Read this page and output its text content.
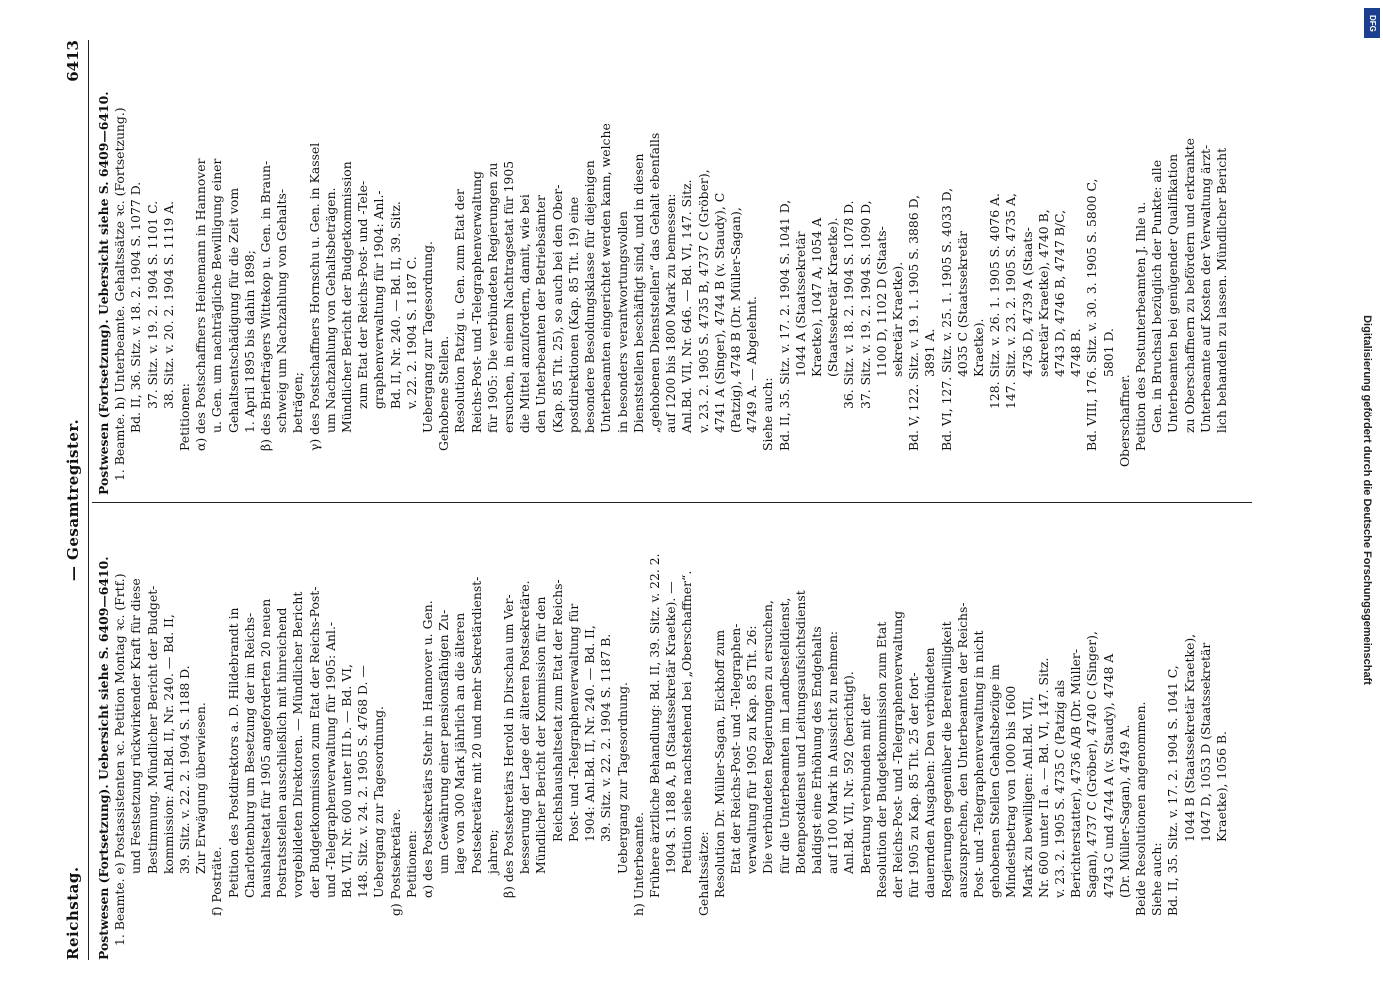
Reichstag.
— Gesamtregister.
6413
Postwesen (Fortsetzung). Uebersicht siehe S. 6409—6410. 1. Beamte. e) Postassistenten ꝛc. Petition Montag ꝛc. (Frtf.) und Festsetzung rückwirkender Kraft für diese Bestimmung. Mündlicher Bericht der Budget- kommission: Anl.Bd. II, Nr. 240. — Bd. II, 39. Sitz. v. 22. 2. 1904 S. 1188 D. Zur Erwägung überwiesen.
f) Posträte. Petition des Postdirektors a. D. Hildebrandt in Charlottenburg um Besetzung der im Reichs- haushaltsetat für 1905 angeforderten 20 neuen Postratsstellen ausschließlich mit hinreichend vorgebildeten Direktoren. — Mündlicher Bericht der Budgetkommission zum Etat der Reichs-Post- und -Telegraphenverwaltung für 1905: Anl.- Bd. VII, Nr. 600 unter III b. — Bd. VI, 148. Sitz. v. 24. 2. 1905 S. 4768 D. — Uebergang zur Tagesordnung. g) Postsekretäre. Petitionen: α) des Postsekretärs Stehr in Hannover u. Gen. um Gewährung einer pensionsfähigen Zu- lage von 300 Mark jährlich an die älteren Postsekretäre mit 20 und mehr Sekretärdienst- jahren; β) des Postsekretärs Herold in Dirschau um Ver- besserung der Lage der älteren Postsekretäre. Mündlicher Bericht der Kommission für den Reichshaushaltsetat zum Etat der Reichs- Post- und -Telegraphenverwaltung für 1904: Anl.Bd. II, Nr. 240. — Bd. II, 39. Sitz. v. 22. 2. 1904 S. 1187 B. Uebergang zur Tagesordnung. h) Unterbeamte. Frühere ärztliche Behandlung: Bd. II, 39. Sitz. v. 22. 2. 1904 S. 1188 A, B (Staatssekretär Kraetke). — Petition siehe nachstehend bei „Oberschaffner“. Gehaltssätze: Resolution Dr. Müller-Sagan, Eickhoff zum Etat der Reichs-Post- und -Telegraphen- verwaltung für 1905 zu Kap. 85 Tit. 26: Die verbündeten Regierungen zu ersuchen, für die Unterbeamten im Landbestelldienst, Botenpostdienst und Leitungsaufsichtsdienst baldigst eine Erhöhung des Endgehalts auf 1100 Mark in Aussicht zu nehmen: Anl.Bd. VII, Nr. 592 (berichtigt). Beratung verbunden mit der Resolution der Budgetkommission zum Etat der Reichs-Post- und -Telegraphenverwaltung für 1905 zu Kap. 85 Tit. 25 der fort- dauernden Ausgaben: Den verbündeten Regierungen gegenüber die Bereitwilligkeit auszusprechen, den Unterbeamten der Reichs- Post- und -Telegraphenverwaltung in nicht gehobenen Stellen Gehaltsbezüge im Mindestbetrag von 1000 bis 1600 Mark zu bewilligen: Anl.Bd. VII, Nr. 600 unter II a. — Bd. VI, 147. Sitz. v. 23. 2. 1905 S. 4735 C (Patzig als Berichterstatter), 4736 A/B (Dr. Müller- Sagan), 4737 C (Gröber), 4740 C (Singer), 4743 C und 4744 A (v. Staudy), 4748 A (Dr. Müller-Sagan), 4749 A. Beide Resolutionen angenommen. Siehe auch: Bd. II, 35. Sitz. v. 17. 2. 1904 S. 1041 C, 1044 B (Staatssekretär Kraetke), 1047 D, 1053 D (Staatssekretär Kraetke), 1056 B.
Postwesen (Fortsetzung). Uebersicht siehe S. 6409—6410. 1. Beamte. h) Unterbeamte. Gehaltssätze ꝛc. (Fortsetzung.) Bd. II, 36. Sitz. v. 18. 2. 1904 S. 1077 D. 37. Sitz. v. 19. 2. 1904 S. 1101 C. 38. Sitz. v. 20. 2. 1904 S. 1119 A.
Petitionen: α) des Postschaffners Heinemann in Hannover u. Gen. um nachträgliche Bewilligung einer Gehaltsentschädigung für die Zeit vom 1. April 1895 bis dahin 1898; β) des Briefträgers Wittekop u. Gen. in Braun- schweig um Nachzahlung von Gehalts- beträgen; γ) des Postschaffners Hornschu u. Gen. in Kassel um Nachzahlung von Gehaltsbeträgen. Mündlicher Bericht der Budgetkommission zum Etat der Reichs-Post- und -Tele- graphenverwaltung für 1904: Anl.- Bd. II, Nr. 240. — Bd. II, 39. Sitz. v. 22. 2. 1904 S. 1187 C. Uebergang zur Tagesordnung. Gehobene Stellen. Resolution Patzig u. Gen. zum Etat der Reichs-Post- und -Telegraphenverwaltung für 1905: Die verbündeten Regierungen zu ersuchen, in einem Nachtragsetat für 1905 die Mittel anzufordern, damit, wie bei den Unterbeamten der Betriebsämter (Kap. 85 Tit. 25), so auch bei den Ober- postdirektionen (Kap. 85 Tit. 19) eine besondere Besoldungsklasse für diejenigen Unterbeamten eingerichtet werden kann, welche in besonders verantwortungsvollen Dienststellen beschäftigt sind, und in diesen „gehobenen Dienststellen“ das Gehalt ebenfalls auf 1200 bis 1800 Mark zu bemessen: Anl.Bd. VII, Nr. 646. — Bd. VI, 147. Sitz. v. 23. 2. 1905 S. 4735 B, 4737 C (Gröber), 4741 A (Singer), 4744 B (v. Staudy), C (Patzig), 4748 B (Dr. Müller-Sagan), 4749 A. — Abgelehnt. Siehe auch: Bd. II, 35. Sitz. v. 17. 2. 1904 S. 1041 D, 1044 A (Staatssekretär Kraetke), 1047 A, 1054 A (Staatssekretär Kraetke). 36. Sitz. v. 18. 2. 1904 S. 1078 D. 37. Sitz. v. 19. 2. 1904 S. 1090 D, 1100 D, 1102 D (Staats- sekretär Kraetke). Bd. V, 122. Sitz. v. 19. 1. 1905 S. 3886 D, 3891 A. Bd. VI, 127. Sitz. v. 25. 1. 1905 S. 4033 D, 4035 C (Staatssekretär Kraetke). 128. Sitz. v. 26. 1. 1905 S. 4076 A. 147. Sitz. v. 23. 2. 1905 S. 4735 A, 4736 D, 4739 A (Staats- sekretär Kraetke), 4740 B, 4743 D, 4746 B, 4747 B/C, 4748 B. Bd. VIII, 176. Sitz. v. 30. 3. 1905 S. 5800 C, 5801 D.
Oberschaffner. Petition des Postunterbeamten J. Ihle u. Gen. in Bruchsal bezüglich der Punkte: alle Unterbeamten bei genügender Qualifikation zu Oberschaffnern zu befördern und erkrankte Unterbeamte auf Kosten der Verwaltung ärzt- lich behandeln zu lassen. Mündlicher Bericht
DFG
Digitalisierung gefördert durch die Deutsche Forschungsgemeinschaft
